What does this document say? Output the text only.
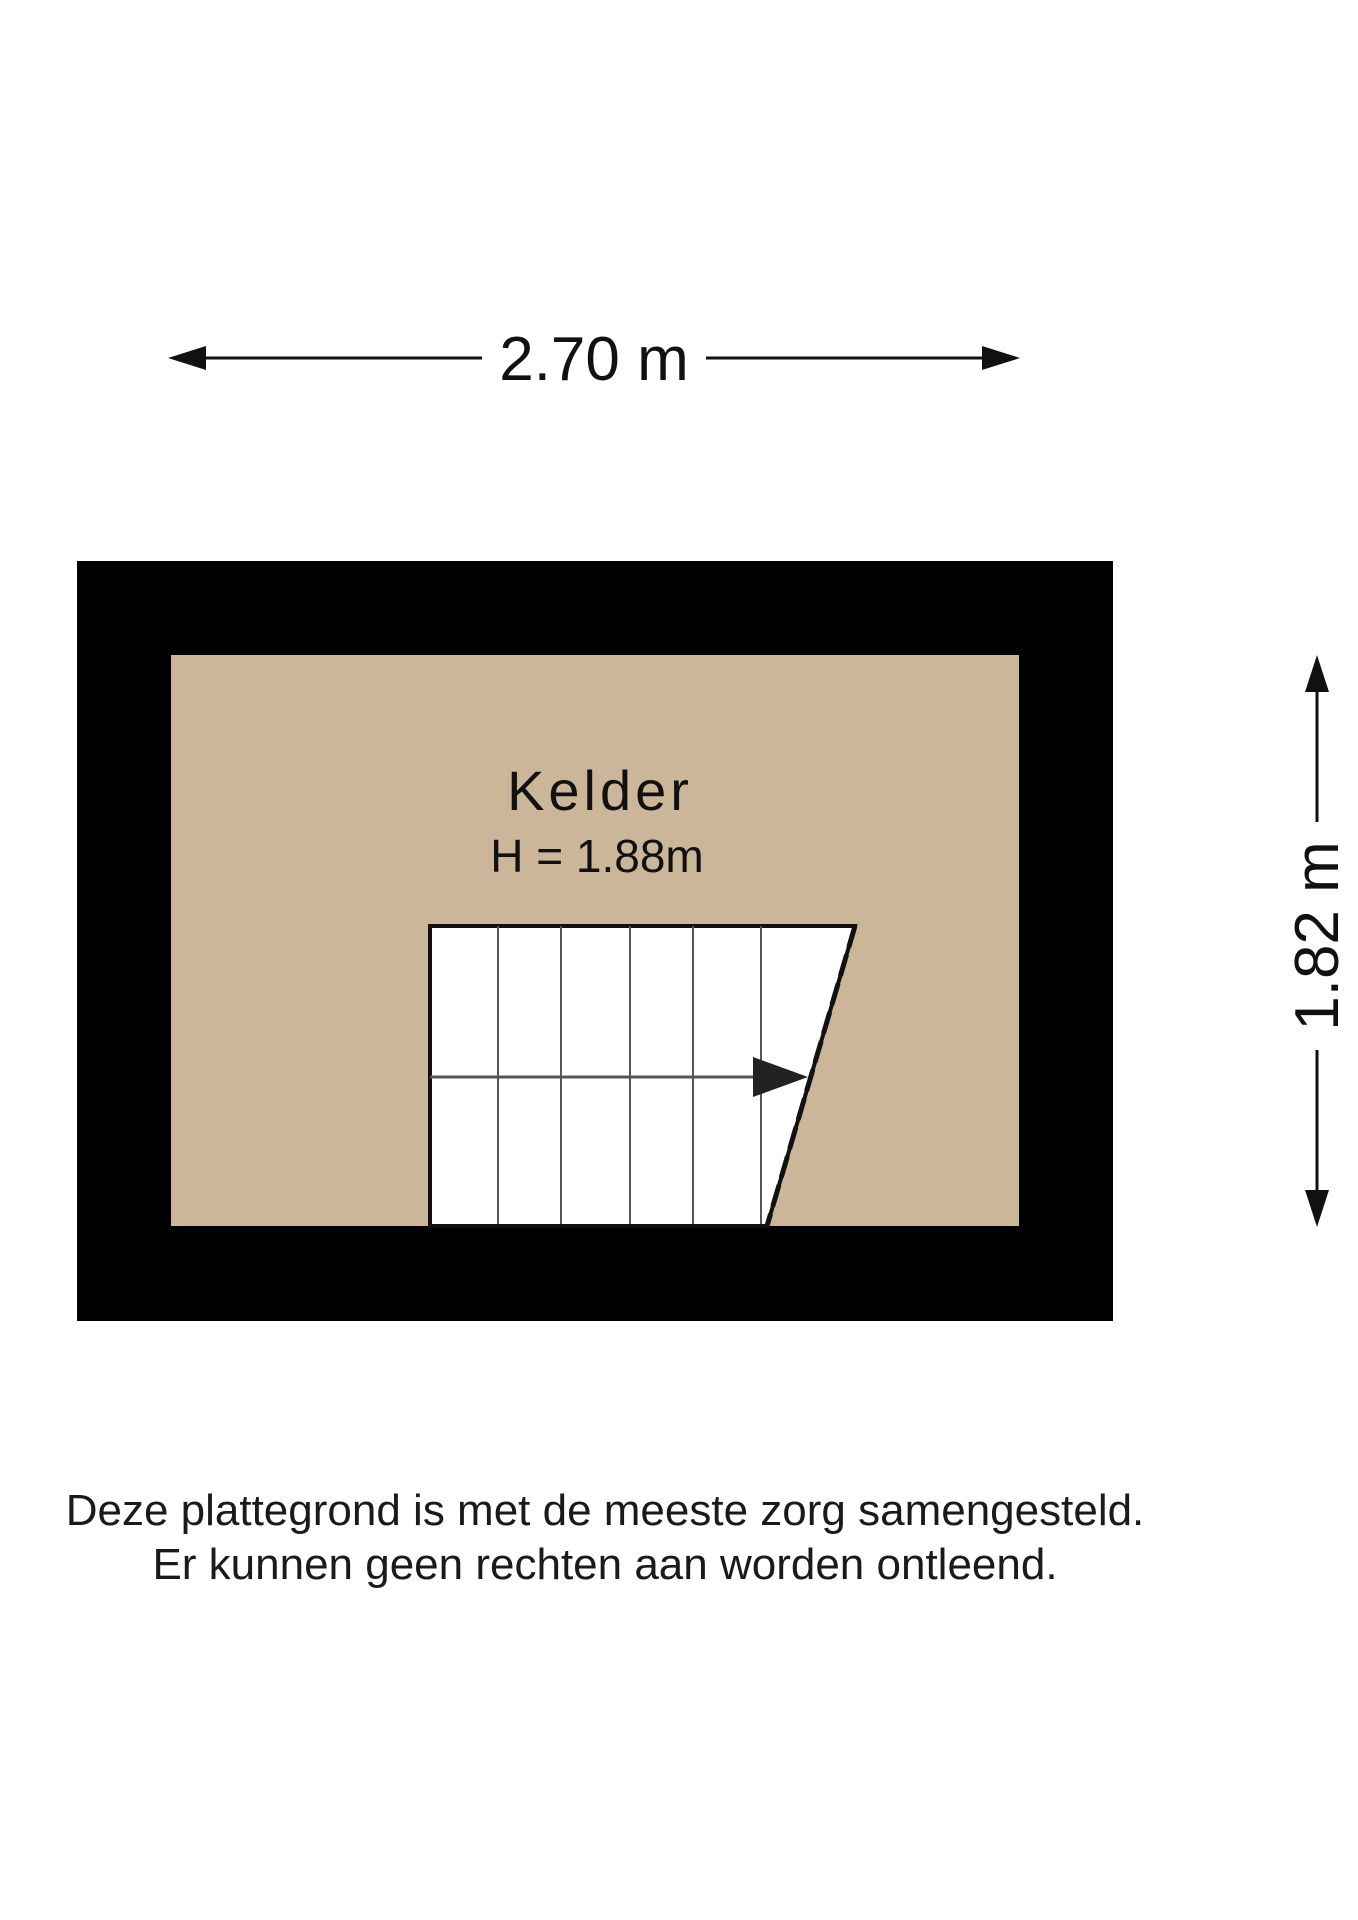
2.70 m
1.82 m
Kelder
H = 1.88m
Deze plattegrond is met de meeste zorg samengesteld.
Er kunnen geen rechten aan worden ontleend.
